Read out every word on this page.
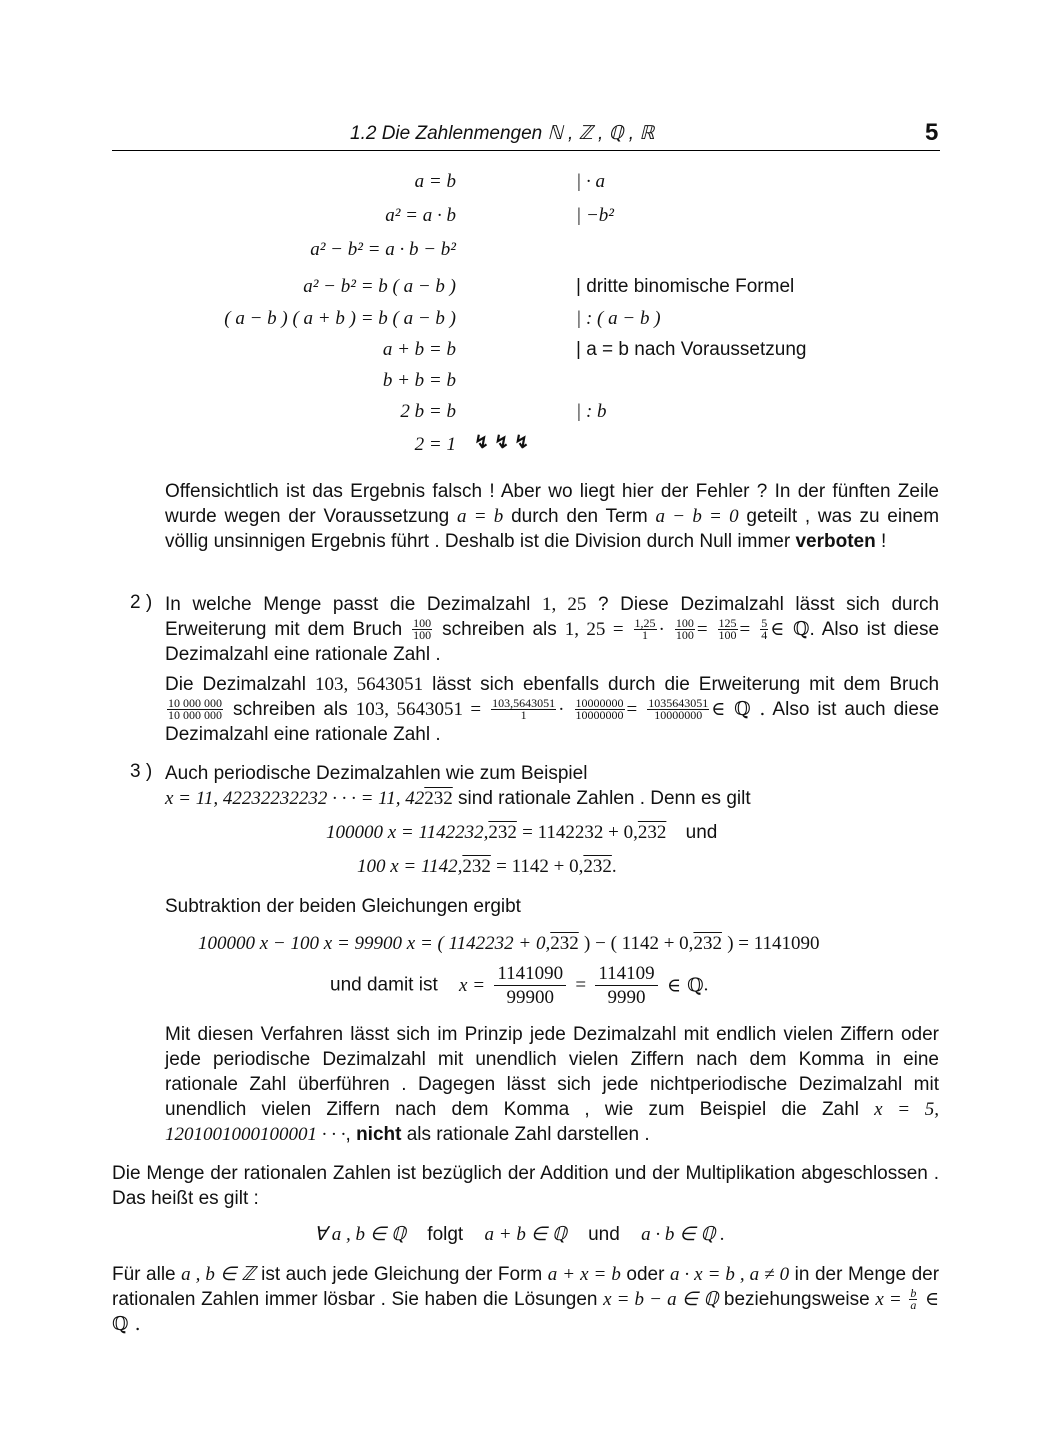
1.2 Die Zahlenmengen ℕ , ℤ , ℚ , ℝ	5
a = b	| · a
a² = a · b	| −b²
a² − b² = a · b − b²
a² − b² = b ( a − b )	| dritte binomische Formel
( a − b ) ( a + b ) = b ( a − b )	| : ( a − b )
a + b = b	| a = b nach Voraussetzung
b + b = b
2 b = b	| : b
2 = 1 ↯ ↯ ↯

Offensichtlich ist das Ergebnis falsch ! Aber wo liegt hier der Fehler ? In der fünften Zeile wurde wegen der Voraussetzung a = b durch den Term a − b = 0 geteilt , was zu einem völlig unsinnigen Ergebnis führt . Deshalb ist die Division durch Null immer verboten !

2 ) In welche Menge passt die Dezimalzahl 1, 25 ? Diese Dezimalzahl lässt sich durch Erweiterung mit dem Bruch $\frac{100}{100}$ schreiben als 1, $25 = \frac{1,25}{1} \cdot \frac{100}{100} = \frac{125}{100} = \frac{5}{4}$ ∈ ℚ. Also ist diese Dezimalzahl eine rationale Zahl .

Die Dezimalzahl 103, 5643051 lässt sich ebenfalls durch die Erweiterung mit dem Bruch
$\frac{10 000 000}{10 000 000}$ schreiben als 103, $5643051 = \frac{103,5643051}{1} \cdot \frac{10000000}{10000000} = \frac{1035643051}{10000000}$ ∈ ℚ . Also ist auch diese Dezimalzahl eine rationale Zahl .

3 ) Auch periodische Dezimalzahlen wie zum Beispiel
x = 11, 42232232232 · · · = 11, 42232 sind rationale Zahlen . Denn es gilt

100000 x = 1142232,232 = 1142232 + 0,232 und
100 x = 1142,232 = 1142 + 0,232.
Subtraktion der beiden Gleichungen ergibt
100000 x − 100 x = 99900 x = ( 1142232 + 0,232 ) − ( 1142 + 0,232 ) = 1141090
und damit ist $x = \frac{1141090}{99900} = \frac{114109}{9990}$ ∈ ℚ.

Mit diesen Verfahren lässt sich im Prinzip jede Dezimalzahl mit endlich vielen Ziffern oder jede periodische Dezimalzahl mit unendlich vielen Ziffern nach dem Komma in eine rationale Zahl überführen . Dagegen lässt sich jede nichtperiodische Dezimalzahl mit unendlich vielen Ziffern nach dem Komma , wie zum Beispiel die Zahl x = 5, 1201001000100001 · · ·, nicht als rationale Zahl darstellen .

Die Menge der rationalen Zahlen ist bezüglich der Addition und der Multiplikation abgeschlossen . Das heißt es gilt :

∀ a , b ∈ ℚ folgt a + b ∈ ℚ und a · b ∈ ℚ .

Für alle a , b ∈ ℤ ist auch jede Gleichung der Form a + x = b oder a · x = b , a ≠ 0 in der Menge der rationalen Zahlen immer lösbar . Sie haben die Lösungen x = b − a ∈ ℚ beziehungsweise $x = \frac{b}{a}$ ∈ ℚ .
